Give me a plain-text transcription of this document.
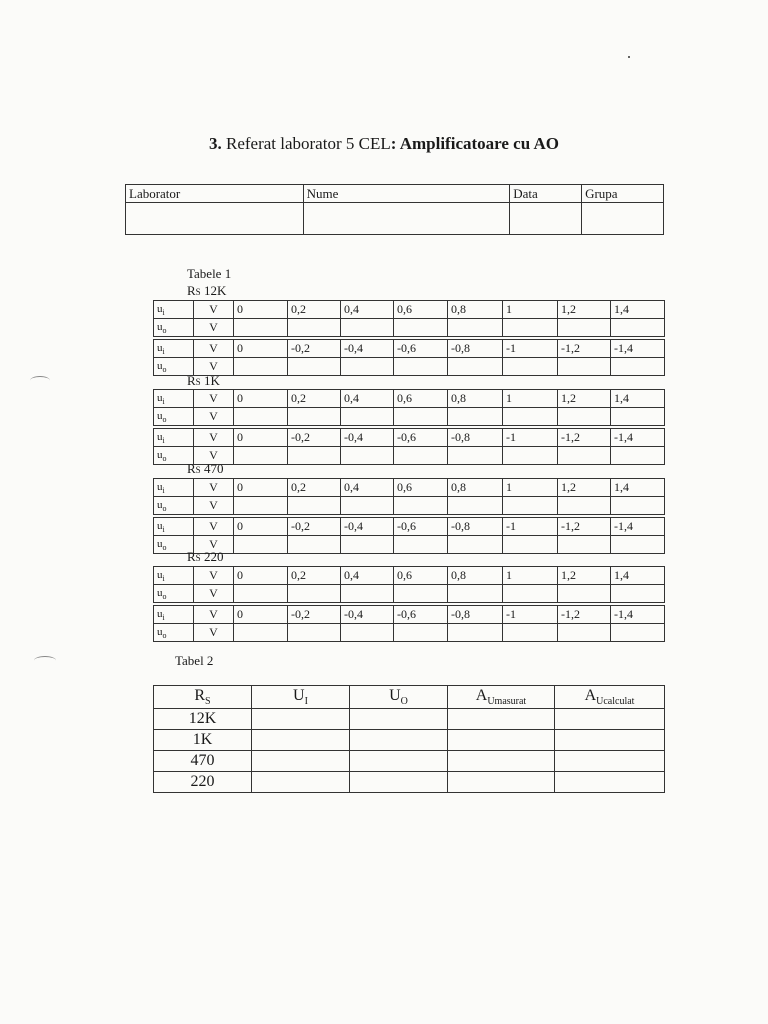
3. Referat laborator 5 CEL: Amplificatoare cu AO
Laborator	Nume	Data	Grupa

Tabele 1
RS 12K
$u_i$	V	0	0,2	0,4	0,6	0,8	1	1,2	1,4
$u_o$	V								
$u_i$	V	0	-0,2	-0,4	-0,6	-0,8	-1	-1,2	-1,4
$u_o$	V								
RS 1K
$u_i$	V	0	0,2	0,4	0,6	0,8	1	1,2	1,4
$u_o$	V								
$u_i$	V	0	-0,2	-0,4	-0,6	-0,8	-1	-1,2	-1,4
$u_o$	V								
RS 470
$u_i$	V	0	0,2	0,4	0,6	0,8	1	1,2	1,4
$u_o$	V								
$u_i$	V	0	-0,2	-0,4	-0,6	-0,8	-1	-1,2	-1,4
$u_o$	V								
RS 220
$u_i$	V	0	0,2	0,4	0,6	0,8	1	1,2	1,4
$u_o$	V								
$u_i$	V	0	-0,2	-0,4	-0,6	-0,8	-1	-1,2	-1,4
$u_o$	V								
Tabel 2
$R_S$	$U_I$	$U_O$	$A_{Umasurat}$	$A_{Ucalculat}$
12K				
1K				
470				
220				
